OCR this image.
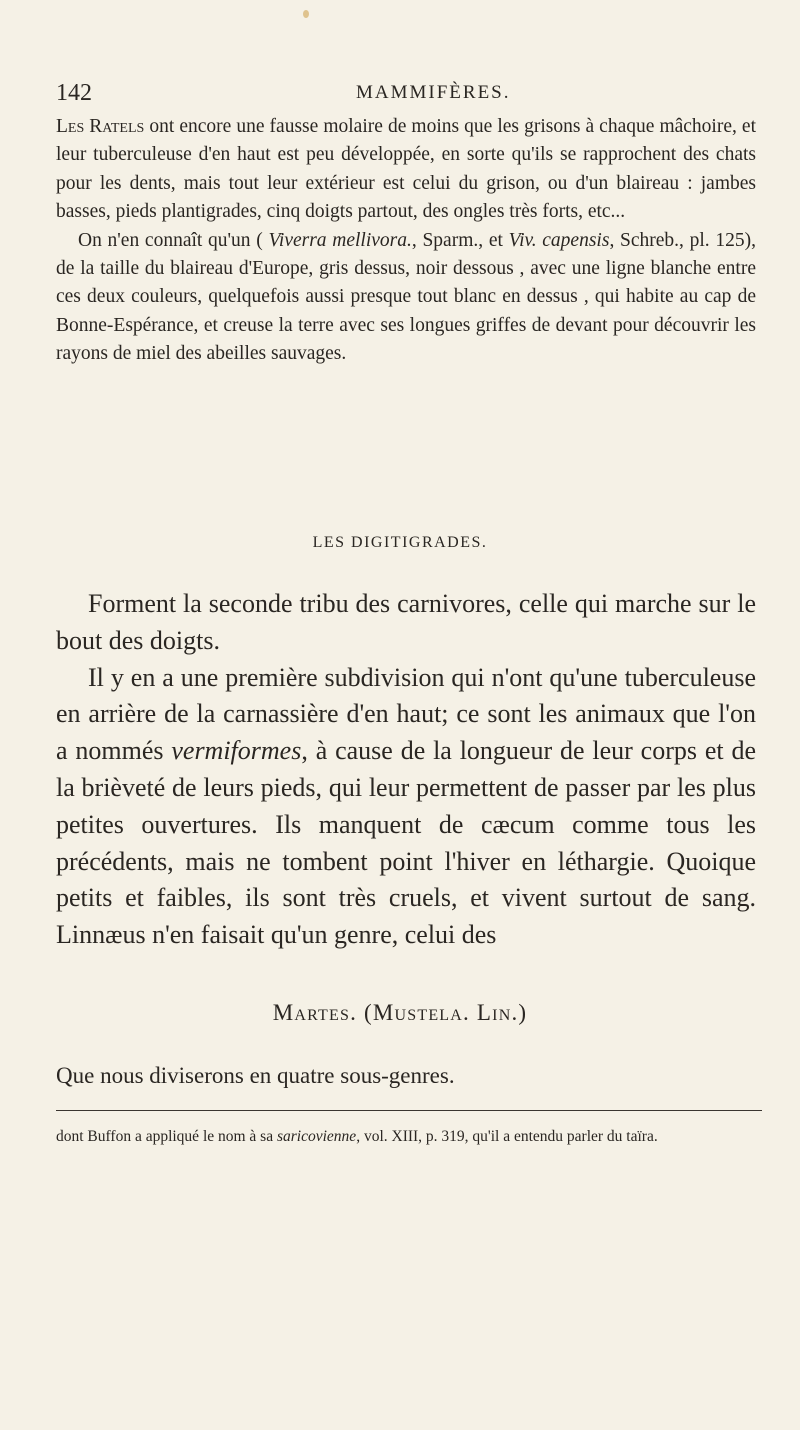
142	MAMMIFÈRES.

Les Ratels ont encore une fausse molaire de moins que les grisons à chaque mâchoire, et leur tuberculeuse d'en haut est peu développée, en sorte qu'ils se rapprochent des chats pour les dents, mais tout leur extérieur est celui du grison, ou d'un blaireau : jambes basses, pieds plantigrades, cinq doigts partout, des ongles très forts, etc...

On n'en connaît qu'un ( Viverra mellivora., Sparm., et Viv. capensis, Schreb., pl. 125), de la taille du blaireau d'Europe, gris dessus, noir dessous , avec une ligne blanche entre ces deux couleurs, quelquefois aussi presque tout blanc en dessus , qui habite au cap de Bonne-Espérance, et creuse la terre avec ses longues griffes de devant pour découvrir les rayons de miel des abeilles sauvages.

LES DIGITIGRADES.

Forment la seconde tribu des carnivores, celle qui marche sur le bout des doigts.

Il y en a une première subdivision qui n'ont qu'une tuberculeuse en arrière de la carnassière d'en haut; ce sont les animaux que l'on a nommés vermiformes, à cause de la longueur de leur corps et de la brièveté de leurs pieds, qui leur permettent de passer par les plus petites ouvertures. Ils manquent de cæcum comme tous les précédents, mais ne tombent point l'hiver en léthargie. Quoique petits et faibles, ils sont très cruels, et vivent surtout de sang. Linnæus n'en faisait qu'un genre, celui des

Martes. (Mustela. Lin.)
Que nous diviserons en quatre sous-genres.
dont Buffon a appliqué le nom à sa saricovienne, vol. XIII, p. 319, qu'il a entendu parler du taïra.
